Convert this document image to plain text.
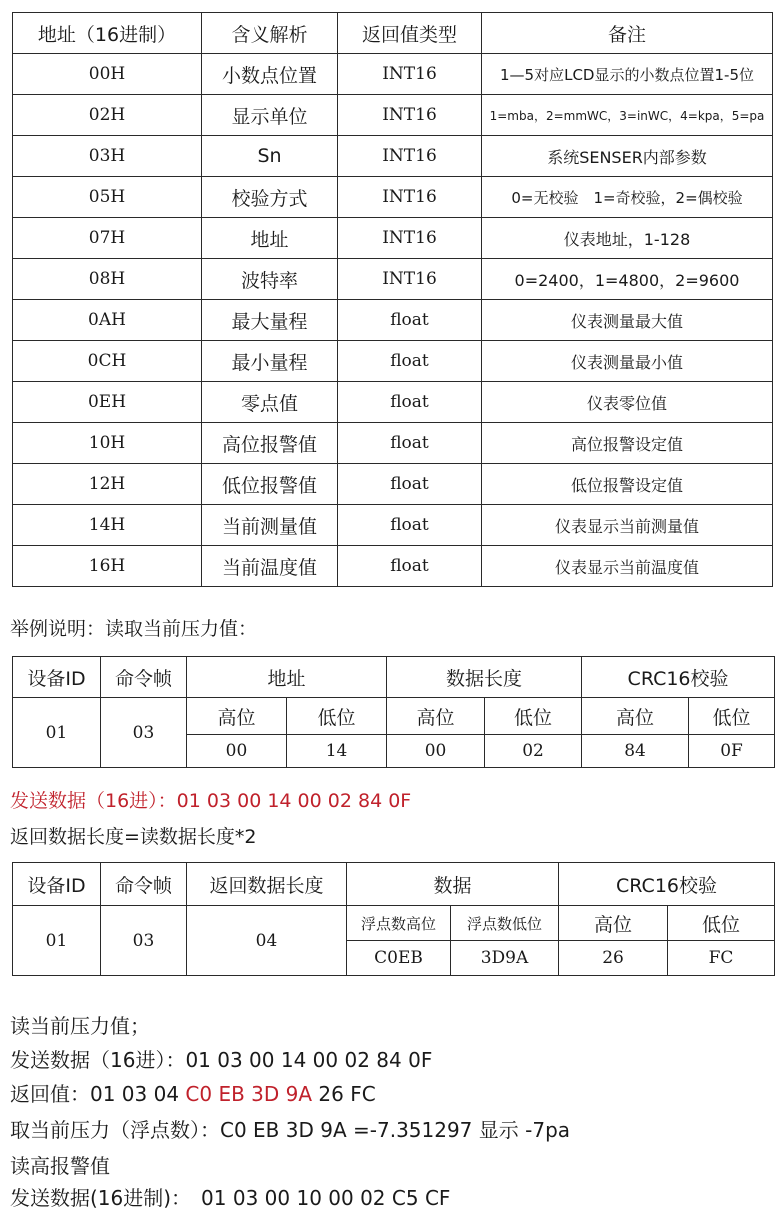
地址（16进制）	含义解析	返回值类型	备注
00H	小数点位置	INT16	1—5对应LCD显示的小数点位置1-5位
02H	显示单位	INT16	1=mba，2=mmWC，3=inWC，4=kpa，5=pa
03H	Sn	INT16	系统SENSER内部参数
05H	校验方式	INT16	0=无校验　1=奇校验，2=偶校验
07H	地址	INT16	仪表地址，1-128
08H	波特率	INT16	0=2400，1=4800，2=9600
0AH	最大量程	float	仪表测量最大值
0CH	最小量程	float	仪表测量最小值
0EH	零点值	float	仪表零位值
10H	高位报警值	float	高位报警设定值
12H	低位报警值	float	低位报警设定值
14H	当前测量值	float	仪表显示当前测量值
16H	当前温度值	float	仪表显示当前温度值
举例说明：读取当前压力值：
设备ID	命令帧	地址		数据长度		CRC16校验	
01	03	高位	低位	高位	低位	高位	低位
		00	14	00	02	84	0F
发送数据（16进）：01 03 00 14 00 02 84 0F
返回数据长度=读数据长度*2
设备ID	命令帧	返回数据长度	数据		CRC16校验	
01	03	04	浮点数高位	浮点数低位	高位	低位
			C0EB	3D9A	26	FC
读当前压力值；
发送数据（16进）：01 03 00 14 00 02 84 0F
返回值：01 03 04 C0 EB 3D 9A 26 FC
取当前压力（浮点数）：C0 EB 3D 9A =-7.351297 显示 -7pa
读高报警值
发送数据(16进制)：　01 03 00 10 00 02 C5 CF
